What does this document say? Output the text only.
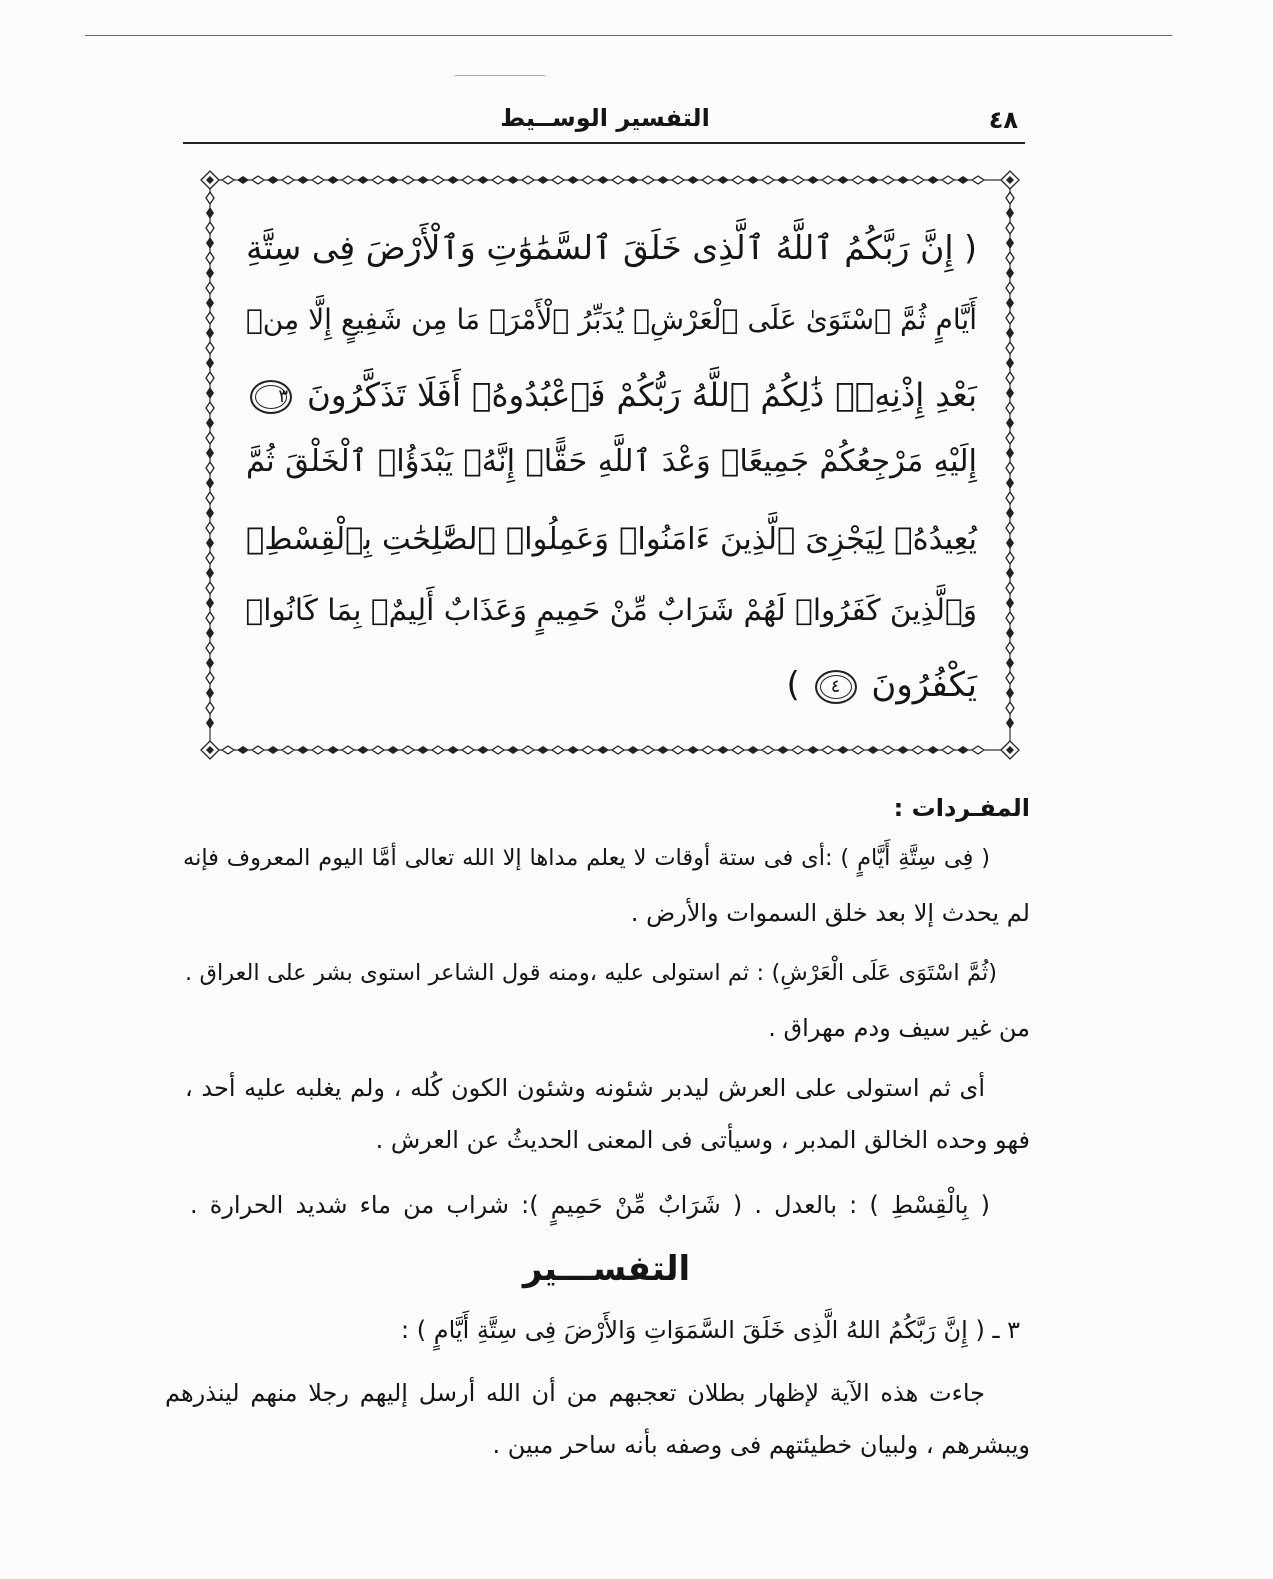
٤٨
التفسير الوســيط
( إِنَّ رَبَّكُمُ ٱللَّهُ ٱلَّذِى خَلَقَ ٱلسَّمَٰوَٰتِ وَٱلْأَرْضَ فِى سِتَّةِ
أَيَّامٍ ثُمَّ ٱسْتَوَىٰ عَلَى ٱلْعَرْشِۚ يُدَبِّرُ ٱلْأَمْرَۚ مَا مِن شَفِيعٍ إِلَّا مِنۢ
بَعْدِ إِذْنِهِۦۚ ذَٰلِكُمُ ٱللَّهُ رَبُّكُمْ فَٱعْبُدُوهُۚ أَفَلَا تَذَكَّرُونَ ٣
إِلَيْهِ مَرْجِعُكُمْ جَمِيعًاۚ وَعْدَ ٱللَّهِ حَقًّاۚ إِنَّهُۥ يَبْدَؤُا۟ ٱلْخَلْقَ ثُمَّ
يُعِيدُهُۥ لِيَجْزِىَ ٱلَّذِينَ ءَامَنُوا۟ وَعَمِلُوا۟ ٱلصَّٰلِحَٰتِ بِٱلْقِسْطِۚ
وَٱلَّذِينَ كَفَرُوا۟ لَهُمْ شَرَابٌ مِّنْ حَمِيمٍ وَعَذَابٌ أَلِيمٌۢ بِمَا كَانُوا۟
يَكْفُرُونَ ٤ )
المفـردات :
( فِى سِتَّةِ أَيَّامٍ ) :أى فى ستة أوقات لا يعلم مداها إلا الله تعالى أمَّا اليوم المعروف فإنه
لم يحدث إلا بعد خلق السموات والأرض .
(ثُمَّ اسْتَوَى عَلَى الْعَرْشِ) : ثم استولى عليه ،ومنه قول الشاعر استوى بشر على العراق .
من غير سيف ودم مهراق .
أى ثم استولى على العرش ليدبر شئونه وشئون الكون كُله ، ولم يغلبه عليه أحد ،
فهو وحده الخالق المدبر ، وسيأتى فى المعنى الحديثُ عن العرش .
( بِالْقِسْطِ ) : بالعدل . ( شَرَابٌ مِّنْ حَمِيمٍ ): شراب من ماء شديد الحرارة .
التفســـير
٣ ـ ( إِنَّ رَبَّكُمُ اللهُ الَّذِى خَلَقَ السَّمَوَاتِ وَالأَرْضَ فِى سِتَّةِ أَيَّامٍ ) :
جاءت هذه الآية لإظهار بطلان تعجبهم من أن الله أرسل إليهم رجلا منهم لينذرهم
ويبشرهم ، ولبيان خطيئتهم فى وصفه بأنه ساحر مبين .
